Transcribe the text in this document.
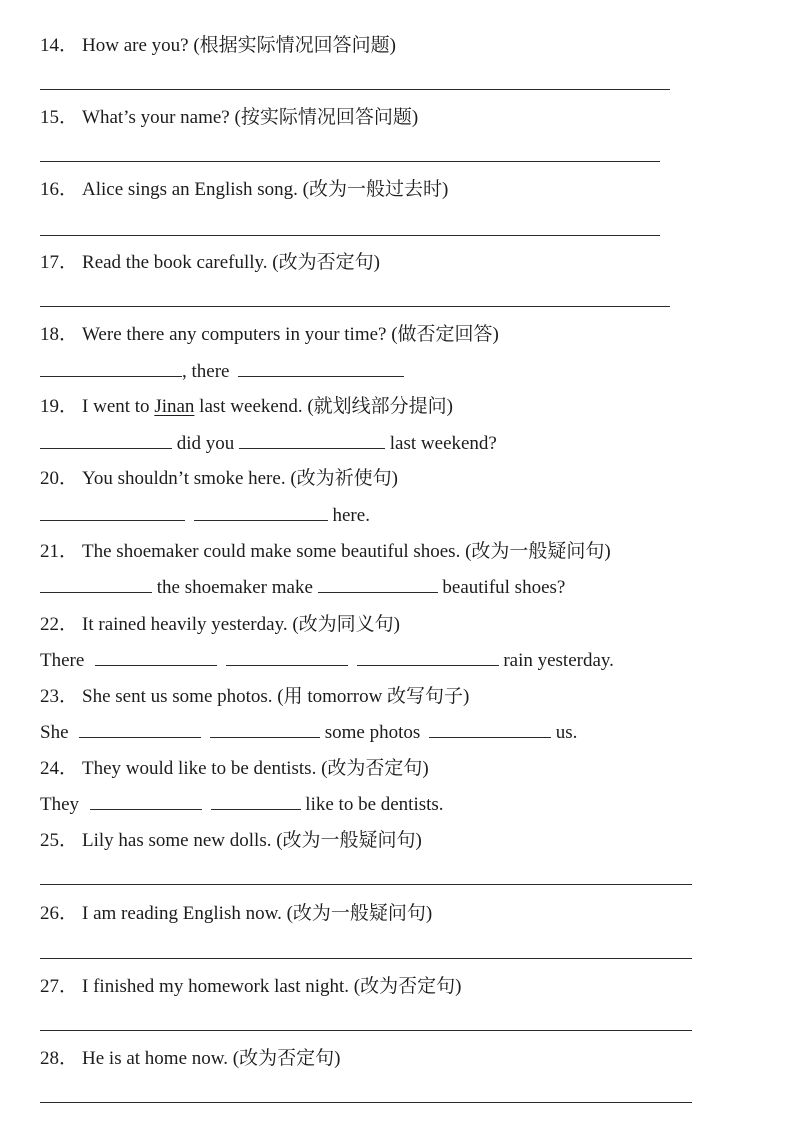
14． How are you? (根据实际情况回答问题)
15． What’s your name? (按实际情况回答问题)
16． Alice sings an English song. (改为一般过去时)
17． Read the book carefully. (改为否定句)
18． Were there any computers in your time? (做否定回答)
, there
19． I went to Jinan last weekend. (就划线部分提问)
did you	last weekend?
20． You shouldn’t smoke here. (改为祈使句)
here.
21． The shoemaker could make some beautiful shoes. (改为一般疑问句)
the shoemaker make	beautiful shoes?
22． It rained heavily yesterday. (改为同义句)
There	rain yesterday.
23． She sent us some photos. (用 tomorrow 改写句子)
She	some photos	us.
24． They would like to be dentists. (改为否定句)
They	like to be dentists.
25． Lily has some new dolls. (改为一般疑问句)
26． I am reading English now. (改为一般疑问句)
27． I finished my homework last night. (改为否定句)
28． He is at home now. (改为否定句)
